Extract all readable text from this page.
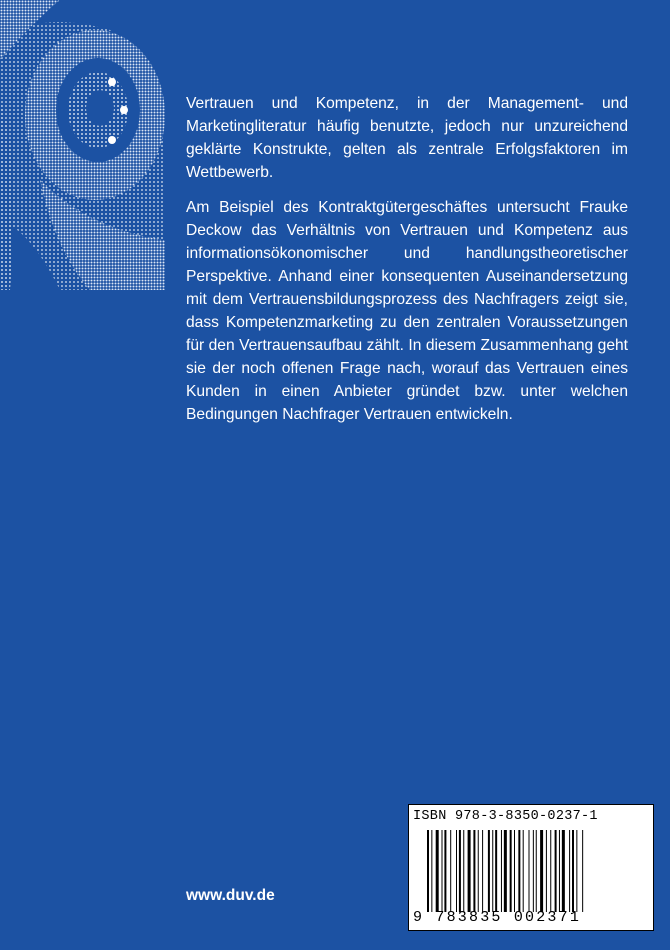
Vertrauen und Kompetenz, in der Management- und Marketingliteratur häufig benutzte, jedoch nur unzureichend geklärte Konstrukte, gelten als zentrale Erfolgsfaktoren im Wettbewerb.

Am Beispiel des Kontraktgütergeschäftes untersucht Frauke Deckow das Verhältnis von Vertrauen und Kompetenz aus informationsökonomischer und handlungstheoretischer Perspektive. Anhand einer konsequenten Auseinandersetzung mit dem Vertrauensbildungsprozess des Nachfragers zeigt sie, dass Kompetenzmarketing zu den zentralen Voraussetzungen für den Vertrauensaufbau zählt. In diesem Zusammenhang geht sie der noch offenen Frage nach, worauf das Vertrauen eines Kunden in einen Anbieter gründet bzw. unter welchen Bedingungen Nachfrager Vertrauen entwickeln.

www.duv.de
ISBN 978-3-8350-0237-1
9 783835 002371
